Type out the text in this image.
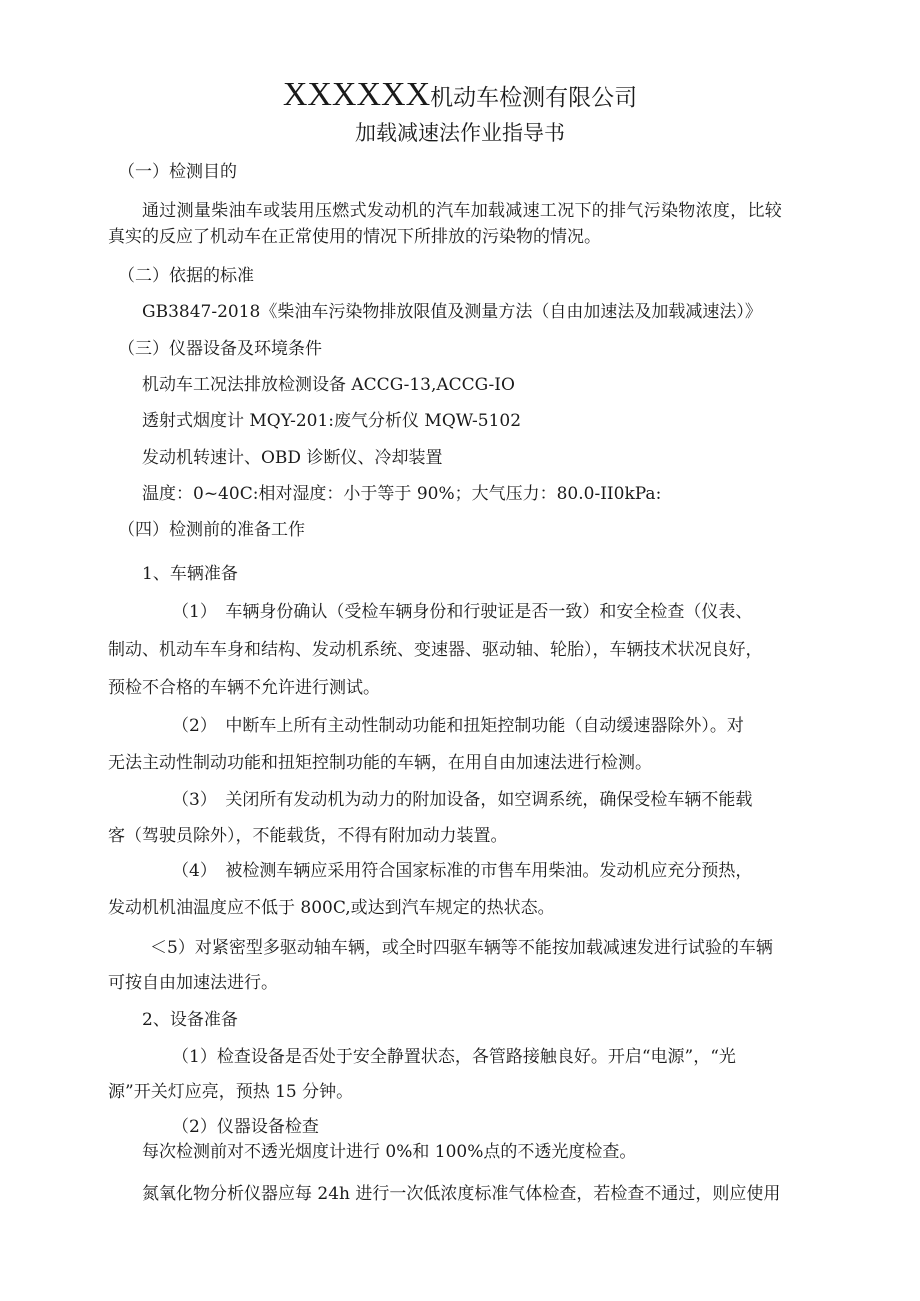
XXXXXX机动车检测有限公司
加载减速法作业指导书
（一）检测目的
通过测量柴油车或装用压燃式发动机的汽车加载减速工况下的排气污染物浓度，比较
真实的反应了机动车在正常使用的情况下所排放的污染物的情况。
（二）依据的标准
GB3847-2018《柴油车污染物排放限值及测量方法（自由加速法及加载减速法）》
（三）仪器设备及环境条件
机动车工况法排放检测设备 ACCG-13,ACCG-IO
透射式烟度计 MQY-201:废气分析仪 MQW-5102
发动机转速计、OBD 诊断仪、冷却装置
温度：0~40C:相对湿度：小于等于 90%；大气压力：80.0-II0kPa:
（四）检测前的准备工作
1、车辆准备
（1）　车辆身份确认（受检车辆身份和行驶证是否一致）和安全检查（仪表、
制动、机动车车身和结构、发动机系统、变速器、驱动轴、轮胎），车辆技术状况良好，
预检不合格的车辆不允许进行测试。
（2）　中断车上所有主动性制动功能和扭矩控制功能（自动缓速器除外）。对
无法主动性制动功能和扭矩控制功能的车辆，在用自由加速法进行检测。
（3）　关闭所有发动机为动力的附加设备，如空调系统，确保受检车辆不能载
客（驾驶员除外），不能载货，不得有附加动力装置。
（4）　被检测车辆应采用符合国家标准的市售车用柴油。发动机应充分预热，
发动机机油温度应不低于 800C,或达到汽车规定的热状态。
＜5）对紧密型多驱动轴车辆，或全时四驱车辆等不能按加载减速发进行试验的车辆
可按自由加速法进行。
2、设备准备
（1）检查设备是否处于安全静置状态，各管路接触良好。开启“电源”，“光
源”开关灯应亮，预热 15 分钟。
（2）仪器设备检查
每次检测前对不透光烟度计进行 0%和 100%点的不透光度检查。
氮氧化物分析仪器应每 24h 进行一次低浓度标准气体检查，若检查不通过，则应使用
